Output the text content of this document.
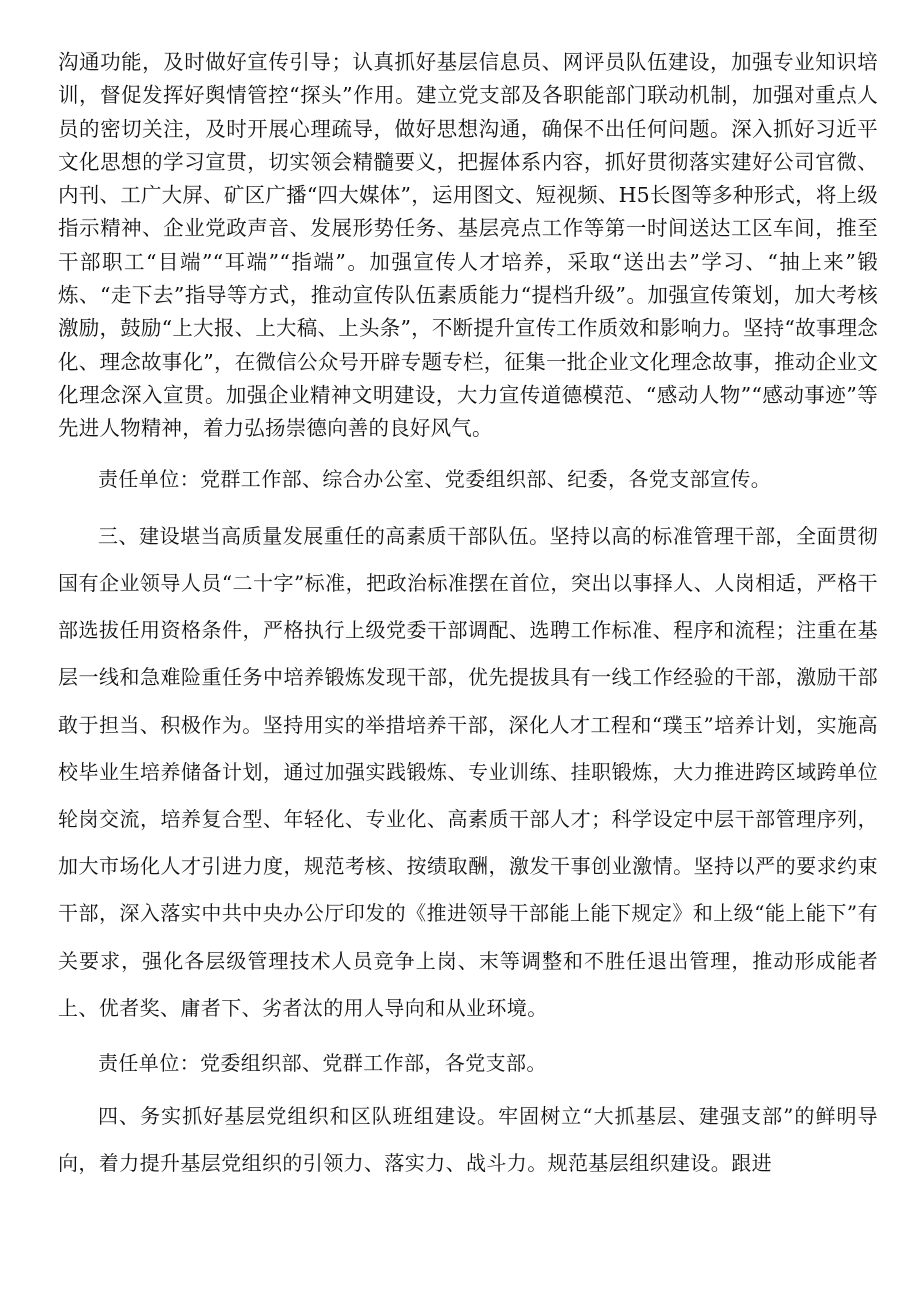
沟通功能，及时做好宣传引导；认真抓好基层信息员、网评员队伍建设，加强专业知识培训，督促发挥好舆情管控“探头”作用。建立党支部及各职能部门联动机制，加强对重点人员的密切关注，及时开展心理疏导，做好思想沟通，确保不出任何问题。深入抓好习近平文化思想的学习宣贯，切实领会精髓要义，把握体系内容，抓好贯彻落实建好公司官微、内刊、工广大屏、矿区广播“四大媒体”，运用图文、短视频、H5长图等多种形式，将上级指示精神、企业党政声音、发展形势任务、基层亮点工作等第一时间送达工区车间，推至干部职工“目端”“耳端”“指端”。加强宣传人才培养，采取“送出去”学习、“抽上来”锻炼、“走下去”指导等方式，推动宣传队伍素质能力“提档升级”。加强宣传策划，加大考核激励，鼓励“上大报、上大稿、上头条”，不断提升宣传工作质效和影响力。坚持“故事理念化、理念故事化”，在微信公众号开辟专题专栏，征集一批企业文化理念故事，推动企业文化理念深入宣贯。加强企业精神文明建设，大力宣传道德模范、“感动人物”“感动事迹”等先进人物精神，着力弘扬崇德向善的良好风气。

责任单位：党群工作部、综合办公室、党委组织部、纪委，各党支部宣传。

三、建设堪当高质量发展重任的高素质干部队伍。坚持以高的标准管理干部，全面贯彻国有企业领导人员“二十字”标准，把政治标准摆在首位，突出以事择人、人岗相适，严格干部选拔任用资格条件，严格执行上级党委干部调配、选聘工作标准、程序和流程；注重在基层一线和急难险重任务中培养锻炼发现干部，优先提拔具有一线工作经验的干部，激励干部敢于担当、积极作为。坚持用实的举措培养干部，深化人才工程和“璞玉”培养计划，实施高校毕业生培养储备计划，通过加强实践锻炼、专业训练、挂职锻炼，大力推进跨区域跨单位轮岗交流，培养复合型、年轻化、专业化、高素质干部人才；科学设定中层干部管理序列，加大市场化人才引进力度，规范考核、按绩取酬，激发干事创业激情。坚持以严的要求约束干部，深入落实中共中央办公厅印发的《推进领导干部能上能下规定》和上级“能上能下”有关要求，强化各层级管理技术人员竞争上岗、末等调整和不胜任退出管理，推动形成能者上、优者奖、庸者下、劣者汰的用人导向和从业环境。

责任单位：党委组织部、党群工作部，各党支部。

四、务实抓好基层党组织和区队班组建设。牢固树立“大抓基层、建强支部”的鲜明导向，着力提升基层党组织的引领力、落实力、战斗力。规范基层组织建设。跟进
